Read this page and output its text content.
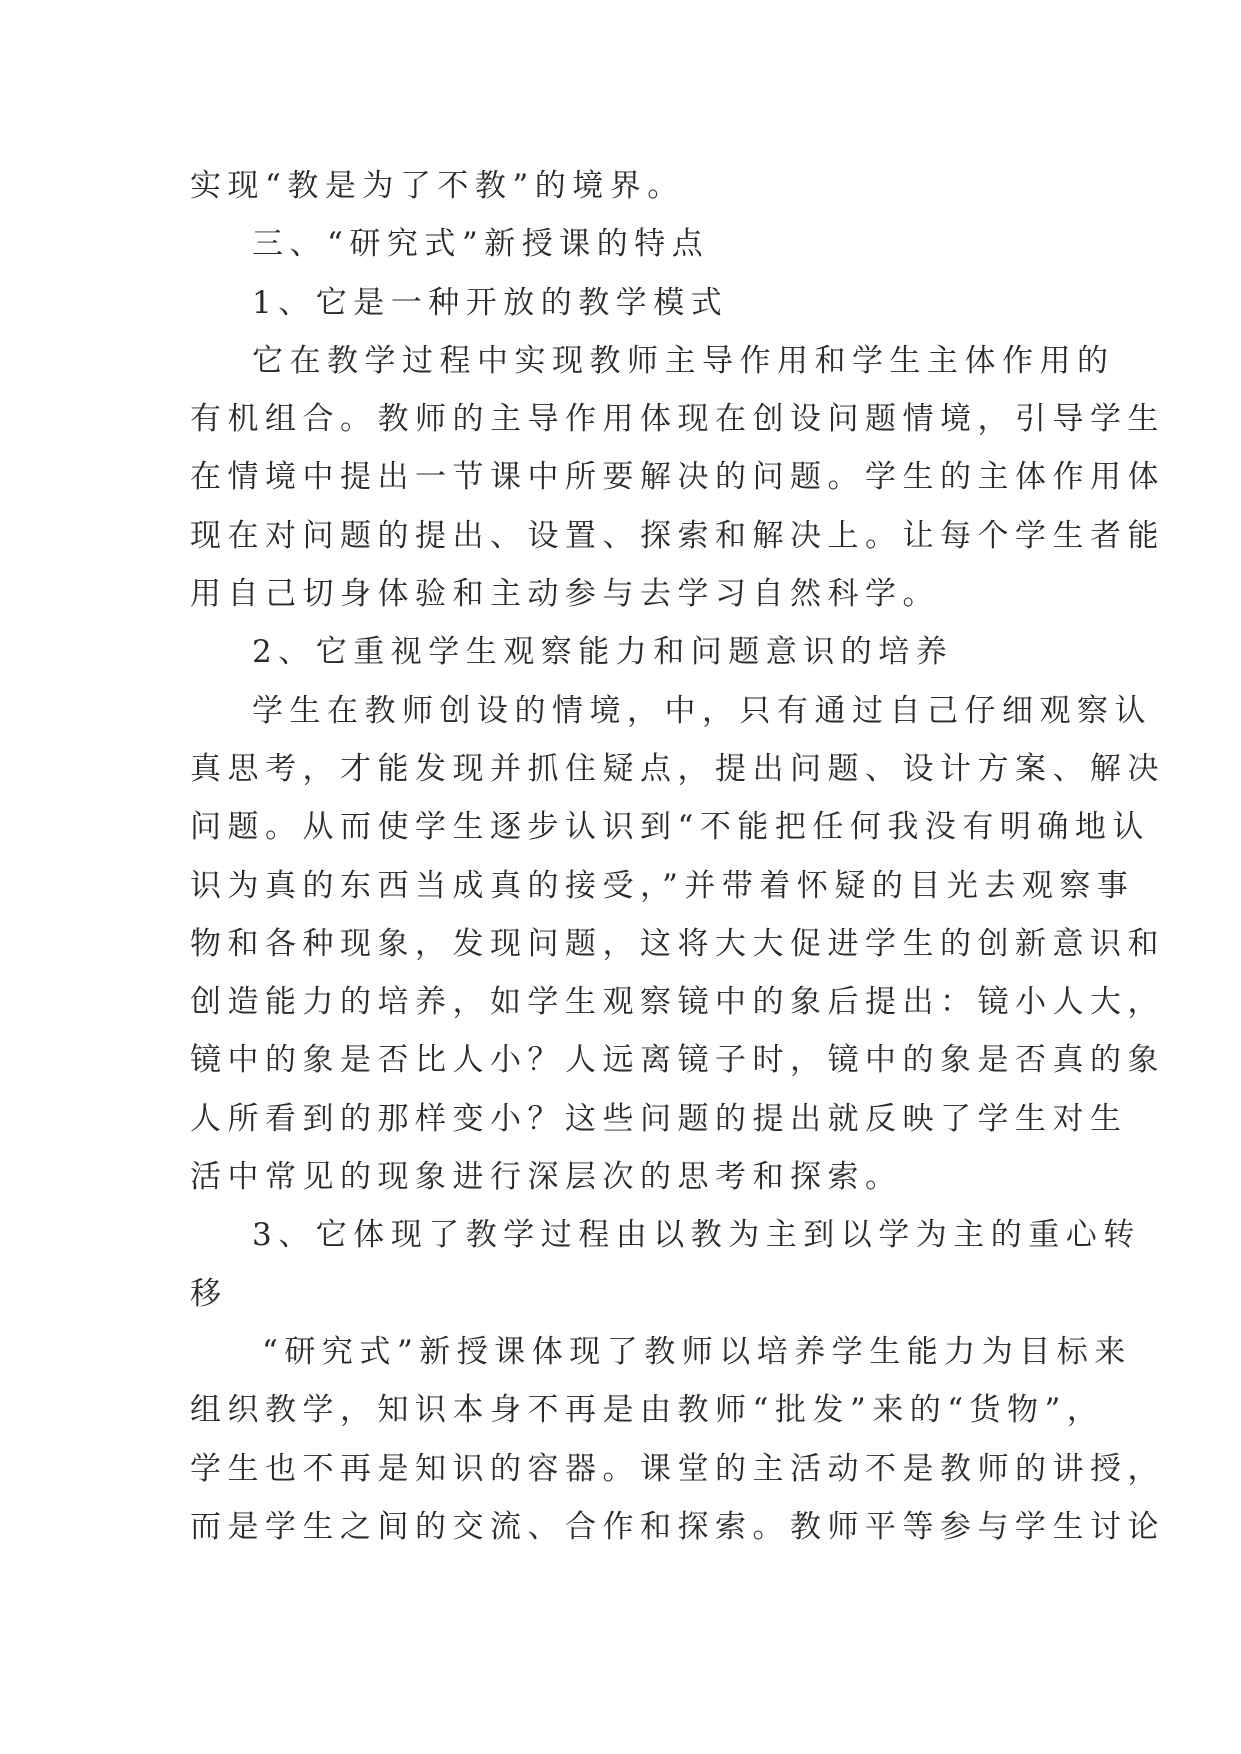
实现“教是为了不教”的境界。
三、“研究式”新授课的特点
1、它是一种开放的教学模式
它在教学过程中实现教师主导作用和学生主体作用的
有机组合。教师的主导作用体现在创设问题情境，引导学生
在情境中提出一节课中所要解决的问题。学生的主体作用体
现在对问题的提出、设置、探索和解决上。让每个学生者能
用自己切身体验和主动参与去学习自然科学。
2、它重视学生观察能力和问题意识的培养
学生在教师创设的情境，中，只有通过自己仔细观察认
真思考，才能发现并抓住疑点，提出问题、设计方案、解决
问题。从而使学生逐步认识到“不能把任何我没有明确地认
识为真的东西当成真的接受，”并带着怀疑的目光去观察事
物和各种现象，发现问题，这将大大促进学生的创新意识和
创造能力的培养，如学生观察镜中的象后提出：镜小人大，
镜中的象是否比人小？人远离镜子时，镜中的象是否真的象
人所看到的那样变小？这些问题的提出就反映了学生对生
活中常见的现象进行深层次的思考和探索。
3、它体现了教学过程由以教为主到以学为主的重心转
移
“研究式”新授课体现了教师以培养学生能力为目标来
组织教学，知识本身不再是由教师“批发”来的“货物”，
学生也不再是知识的容器。课堂的主活动不是教师的讲授，
而是学生之间的交流、合作和探索。教师平等参与学生讨论
